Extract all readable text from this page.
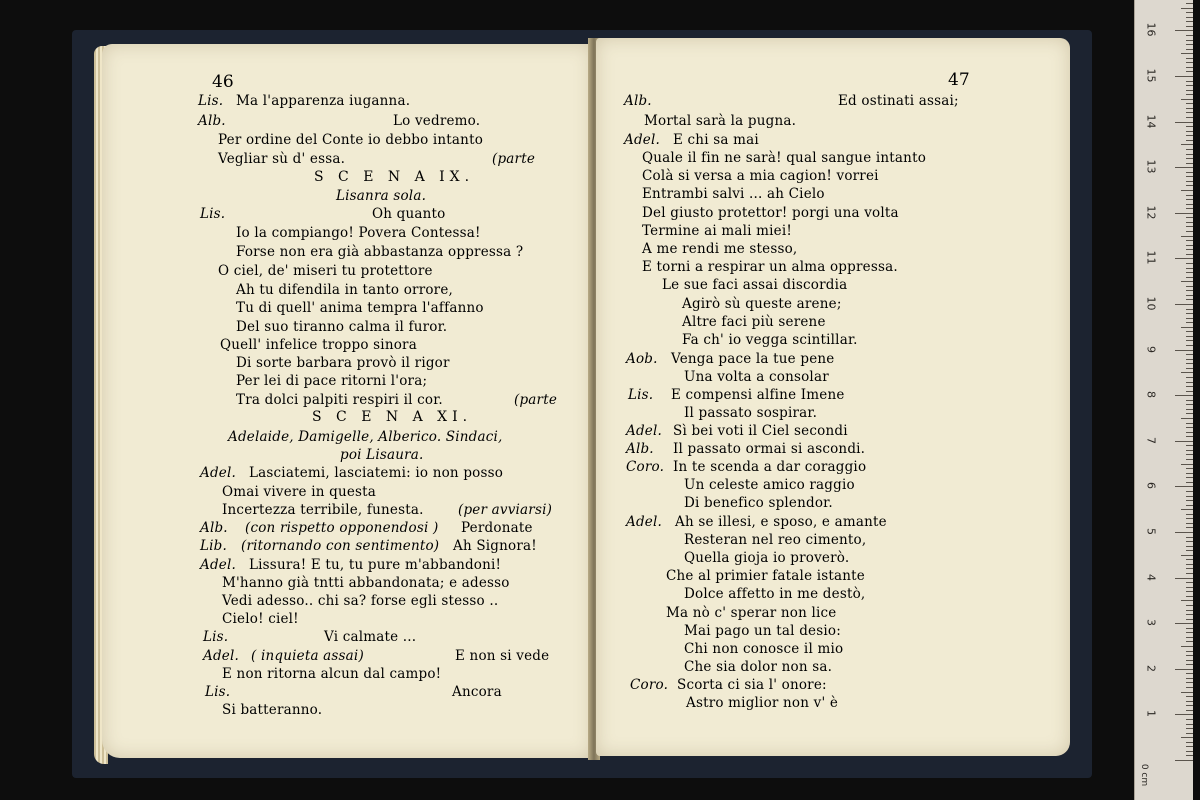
46	47
Lis. Ma l'apparenza iuganna.
Alb.	Lo vedremo.
Per ordine del Conte io debbo intanto
Vegliar sù d' essa.	(parte
S C E N A IX.
Lisanra sola.
Lis.	Oh quanto
Io la compiango! Povera Contessa!
Forse non era già abbastanza oppressa ?
O ciel, de' miseri tu protettore
Ah tu difendila in tanto orrore,
Tu di quell' anima tempra l'affanno
Del suo tiranno calma il furor.
Quell' infelice troppo sinora
Di sorte barbara provò il rigor
Per lei di pace ritorni l'ora;
Tra dolci palpiti respiri il cor.	(parte
S C E N A XI.
Adelaide, Damigelle, Alberico. Sindaci,
poi Lisaura.
Adel. Lasciatemi, lasciatemi: io non posso
Omai vivere in questa
Incertezza terribile, funesta.	(per avviarsi)
Alb. (con rispetto opponendosi ) Perdonate
Lib. (ritornando con sentimento) Ah Signora!
Adel. Lissura! E tu, tu pure m'abbandoni!
M'hanno già tntti abbandonata; e adesso
Vedi adesso.. chi sa? forse egli stesso ..
Cielo! ciel!
Lis.	Vi calmate ...
Adel. ( inquieta assai)	E non si vede
E non ritorna alcun dal campo!
Lis.	Ancora
Si batteranno.
Alb.	Ed ostinati assai;
Mortal sarà la pugna.
Adel. E chi sa mai
Quale il fin ne sarà! qual sangue intanto
Colà si versa a mia cagion! vorrei
Entrambi salvi ... ah Cielo
Del giusto protettor! porgi una volta
Termine ai mali miei!
A me rendi me stesso,
E torni a respirar un alma oppressa.
Le sue faci assai discordia
Agirò sù queste arene;
Altre faci più serene
Fa ch' io vegga scintillar.
Aob. Venga pace la tue pene
Una volta a consolar
Lis. E compensi alfine Imene
Il passato sospirar.
Adel. Sì bei voti il Ciel secondi
Alb. Il passato ormai si ascondi.
Coro. In te scenda a dar coraggio
Un celeste amico raggio
Di benefico splendor.
Adel. Ah se illesi, e sposo, e amante
Resteran nel reo cimento,
Quella gioja io proverò.
Che al primier fatale istante
Dolce affetto in me destò,
Ma nò c' sperar non lice
Mai pago un tal desio:
Chi non conosce il mio
Che sia dolor non sa.
Coro. Scorta ci sia l' onore:
Astro miglior non v' è
0 cm
1
2
3
4
5
6
7
8
9
10
11
12
13
14
15
16
